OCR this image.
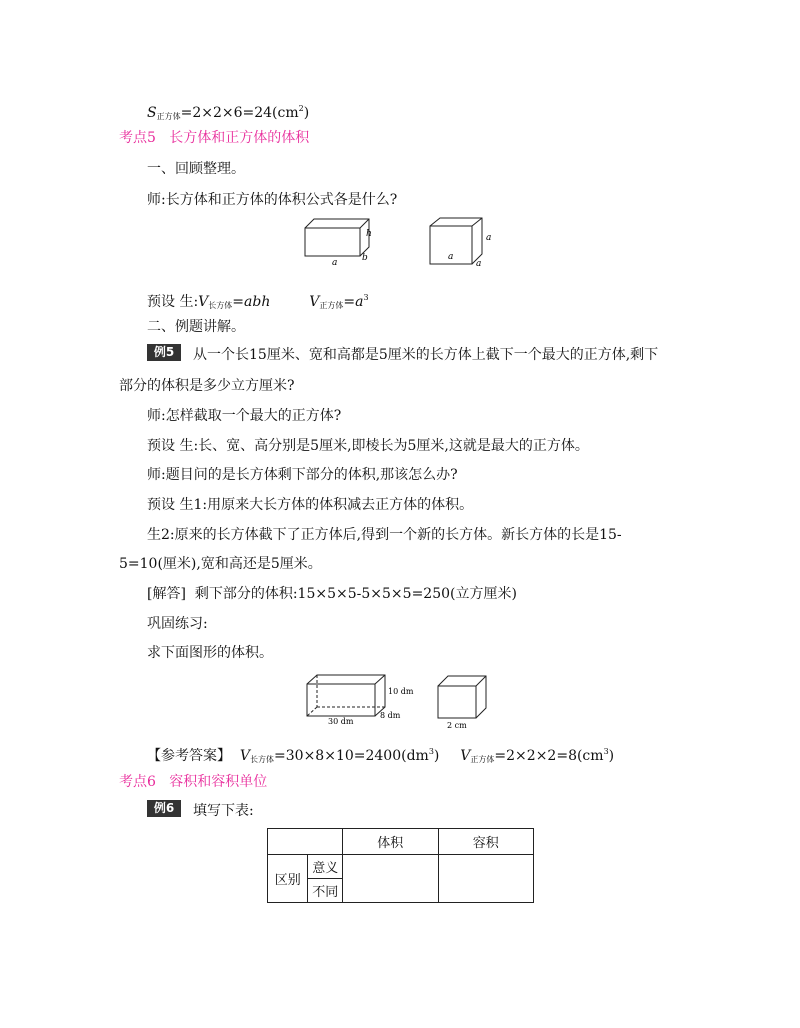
$S_{正方体}=2\times 2\times 6=24(cm^2)$
考点5 长方体和正方体的体积
一、回顾整理。
师:长方体和正方体的体积公式各是什么?
h
a	b
a
a
a
预设 生$:V_{长方体}=abh$	$V_{正方体}=a^3$
二、例题讲解。
例5	从一个长15厘米、宽和高都是5厘米的长方体上截下一个最大的正方体,剩下
部分的体积是多少立方厘米?
师:怎样截取一个最大的正方体?
预设 生:长、宽、高分别是5厘米,即棱长为5厘米,这就是最大的正方体。
师:题目问的是长方体剩下部分的体积,那该怎么办?
预设 生1:用原来大长方体的体积减去正方体的体积。
生2:原来的长方体截下了正方体后,得到一个新的长方体。新长方体的长是15-
5=10(厘米),宽和高还是5厘米。
[解答] 剩下部分的体积:15×5×5-5×5×5=250(立方厘米)
巩固练习:
求下面图形的体积。
10 dm
30 dm
8 dm
2 cm
【参考答案】 $V_{长方体}=30\times 8\times 10=2400(dm^3)$ $V_{正方体}=2\times 2\times 2=8(cm^3)$
考点6 容积和容积单位
例6	填写下表:
		体积	容积
区别	意义		
	不同		
